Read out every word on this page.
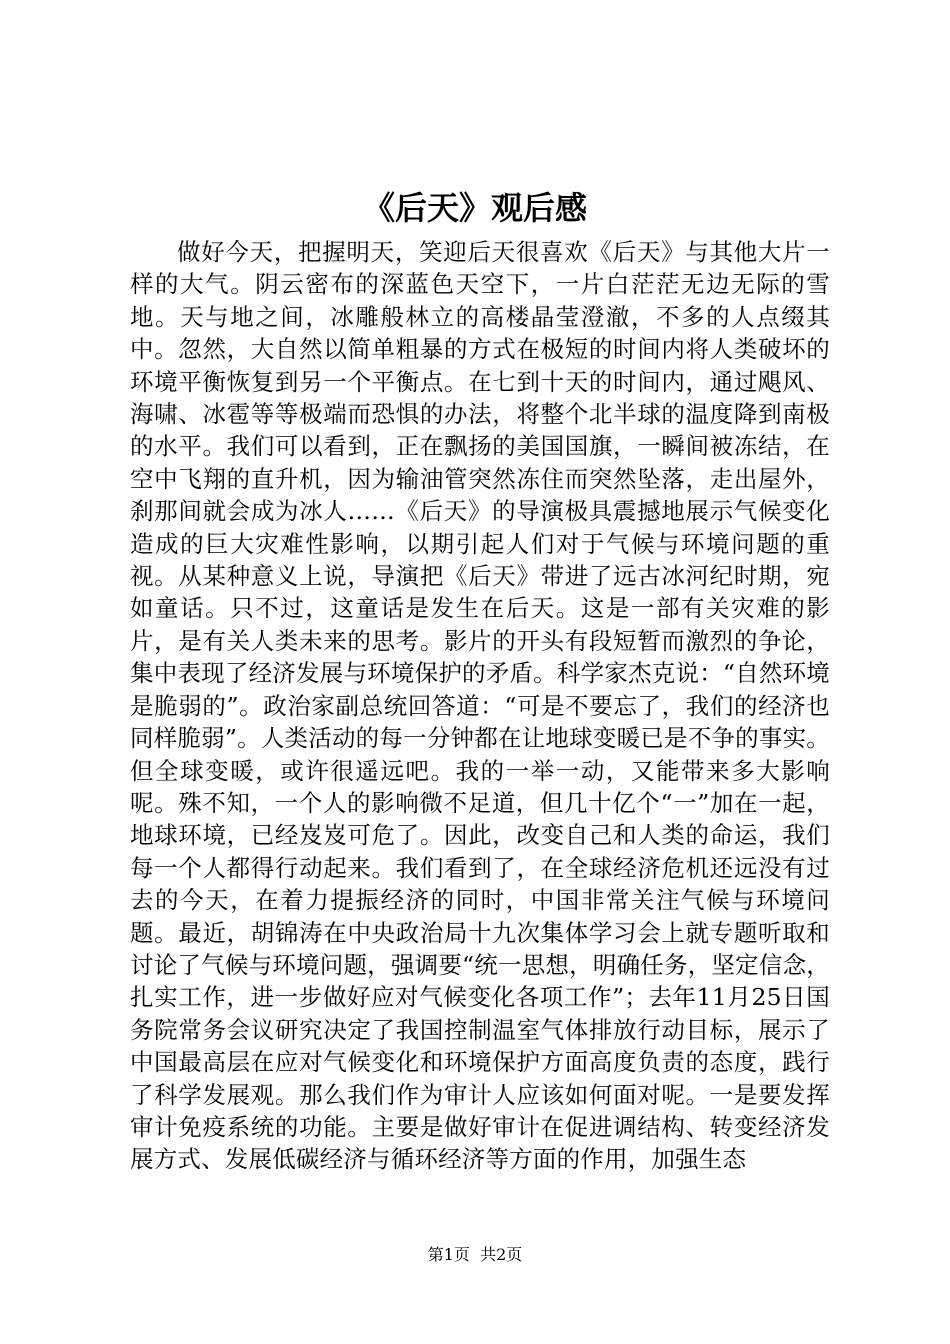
《后天》观后感

做好今天，把握明天，笑迎后天很喜欢《后天》与其他大片一样的大气。阴云密布的深蓝色天空下，一片白茫茫无边无际的雪地。天与地之间，冰雕般林立的高楼晶莹澄澈，不多的人点缀其中。忽然，大自然以简单粗暴的方式在极短的时间内将人类破坏的环境平衡恢复到另一个平衡点。在七到十天的时间内，通过飓风、海啸、冰雹等等极端而恐惧的办法，将整个北半球的温度降到南极的水平。我们可以看到，正在飘扬的美国国旗，一瞬间被冻结，在空中飞翔的直升机，因为输油管突然冻住而突然坠落，走出屋外，刹那间就会成为冰人……《后天》的导演极具震撼地展示气候变化造成的巨大灾难性影响，以期引起人们对于气候与环境问题的重视。从某种意义上说，导演把《后天》带进了远古冰河纪时期，宛如童话。只不过，这童话是发生在后天。这是一部有关灾难的影片，是有关人类未来的思考。影片的开头有段短暂而激烈的争论，集中表现了经济发展与环境保护的矛盾。科学家杰克说：“自然环境是脆弱的”。政治家副总统回答道：“可是不要忘了，我们的经济也同样脆弱”。人类活动的每一分钟都在让地球变暖已是不争的事实。但全球变暖，或许很遥远吧。我的一举一动，又能带来多大影响呢。殊不知，一个人的影响微不足道，但几十亿个“一”加在一起，地球环境，已经岌岌可危了。因此，改变自己和人类的命运，我们每一个人都得行动起来。我们看到了，在全球经济危机还远没有过去的今天，在着力提振经济的同时，中国非常关注气候与环境问题。最近，胡锦涛在中央政治局十九次集体学习会上就专题听取和讨论了气候与环境问题，强调要“统一思想，明确任务，坚定信念，扎实工作，进一步做好应对气候变化各项工作”；去年11月25日国务院常务会议研究决定了我国控制温室气体排放行动目标，展示了中国最高层在应对气候变化和环境保护方面高度负责的态度，践行了科学发展观。那么我们作为审计人应该如何面对呢。一是要发挥审计免疫系统的功能。主要是做好审计在促进调结构、转变经济发展方式、发展低碳经济与循环经济等方面的作用，加强生态

第1页 共2页
